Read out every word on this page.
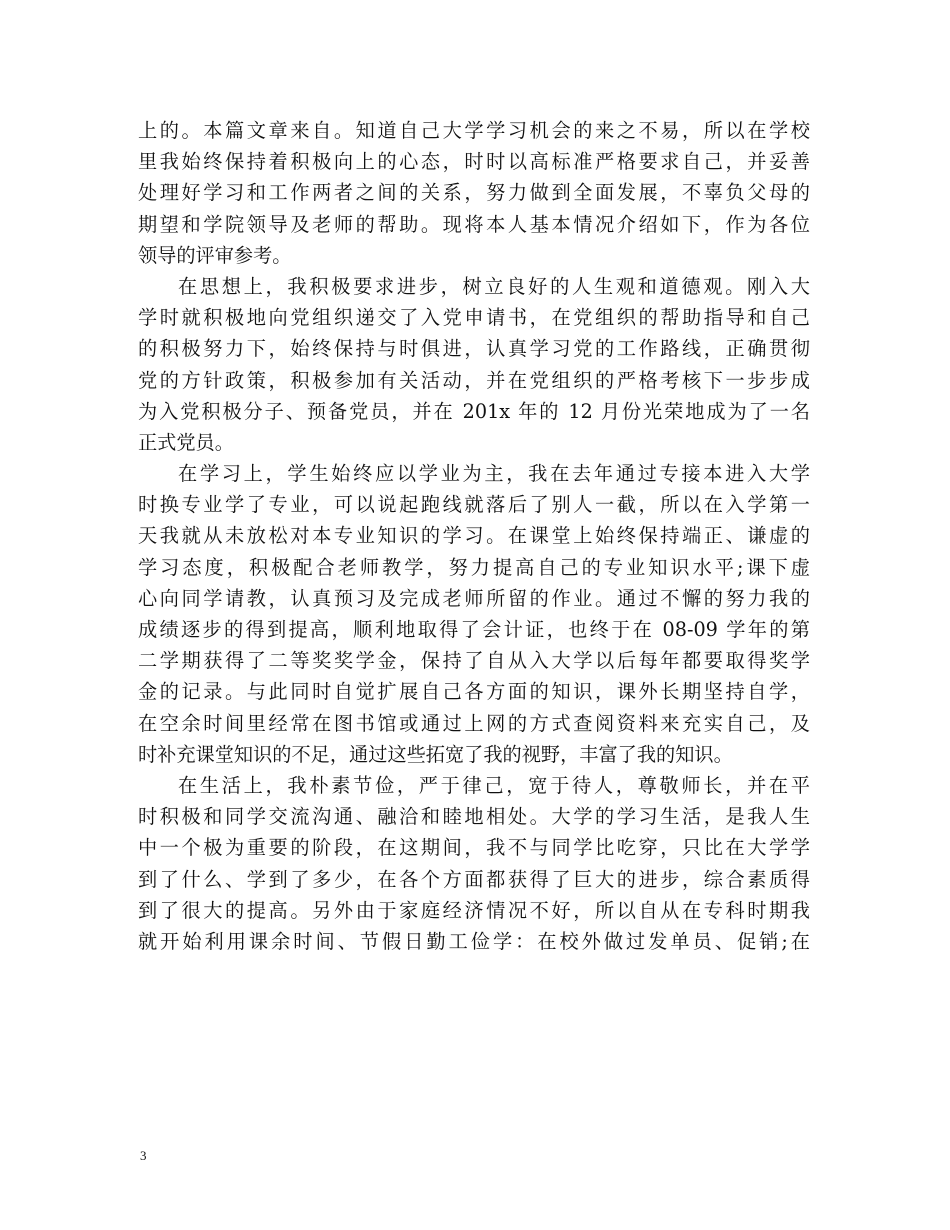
上的。本篇文章来自。知道自己大学学习机会的来之不易，所以在学校
里我始终保持着积极向上的心态，时时以高标准严格要求自己，并妥善
处理好学习和工作两者之间的关系，努力做到全面发展，不辜负父母的
期望和学院领导及老师的帮助。现将本人基本情况介绍如下，作为各位
领导的评审参考。
在思想上，我积极要求进步，树立良好的人生观和道德观。刚入大
学时就积极地向党组织递交了入党申请书，在党组织的帮助指导和自己
的积极努力下，始终保持与时俱进，认真学习党的工作路线，正确贯彻
党的方针政策，积极参加有关活动，并在党组织的严格考核下一步步成
为入党积极分子、预备党员，并在 201x 年的 12 月份光荣地成为了一名
正式党员。
在学习上，学生始终应以学业为主，我在去年通过专接本进入大学
时换专业学了专业，可以说起跑线就落后了别人一截，所以在入学第一
天我就从未放松对本专业知识的学习。在课堂上始终保持端正、谦虚的
学习态度，积极配合老师教学，努力提高自己的专业知识水平;课下虚
心向同学请教，认真预习及完成老师所留的作业。通过不懈的努力我的
成绩逐步的得到提高，顺利地取得了会计证，也终于在 08-09 学年的第
二学期获得了二等奖奖学金，保持了自从入大学以后每年都要取得奖学
金的记录。与此同时自觉扩展自己各方面的知识，课外长期坚持自学，
在空余时间里经常在图书馆或通过上网的方式查阅资料来充实自己，及
时补充课堂知识的不足，通过这些拓宽了我的视野，丰富了我的知识。
在生活上，我朴素节俭，严于律己，宽于待人，尊敬师长，并在平
时积极和同学交流沟通、融洽和睦地相处。大学的学习生活，是我人生
中一个极为重要的阶段，在这期间，我不与同学比吃穿，只比在大学学
到了什么、学到了多少，在各个方面都获得了巨大的进步，综合素质得
到了很大的提高。另外由于家庭经济情况不好，所以自从在专科时期我
就开始利用课余时间、节假日勤工俭学：在校外做过发单员、促销;在
3
